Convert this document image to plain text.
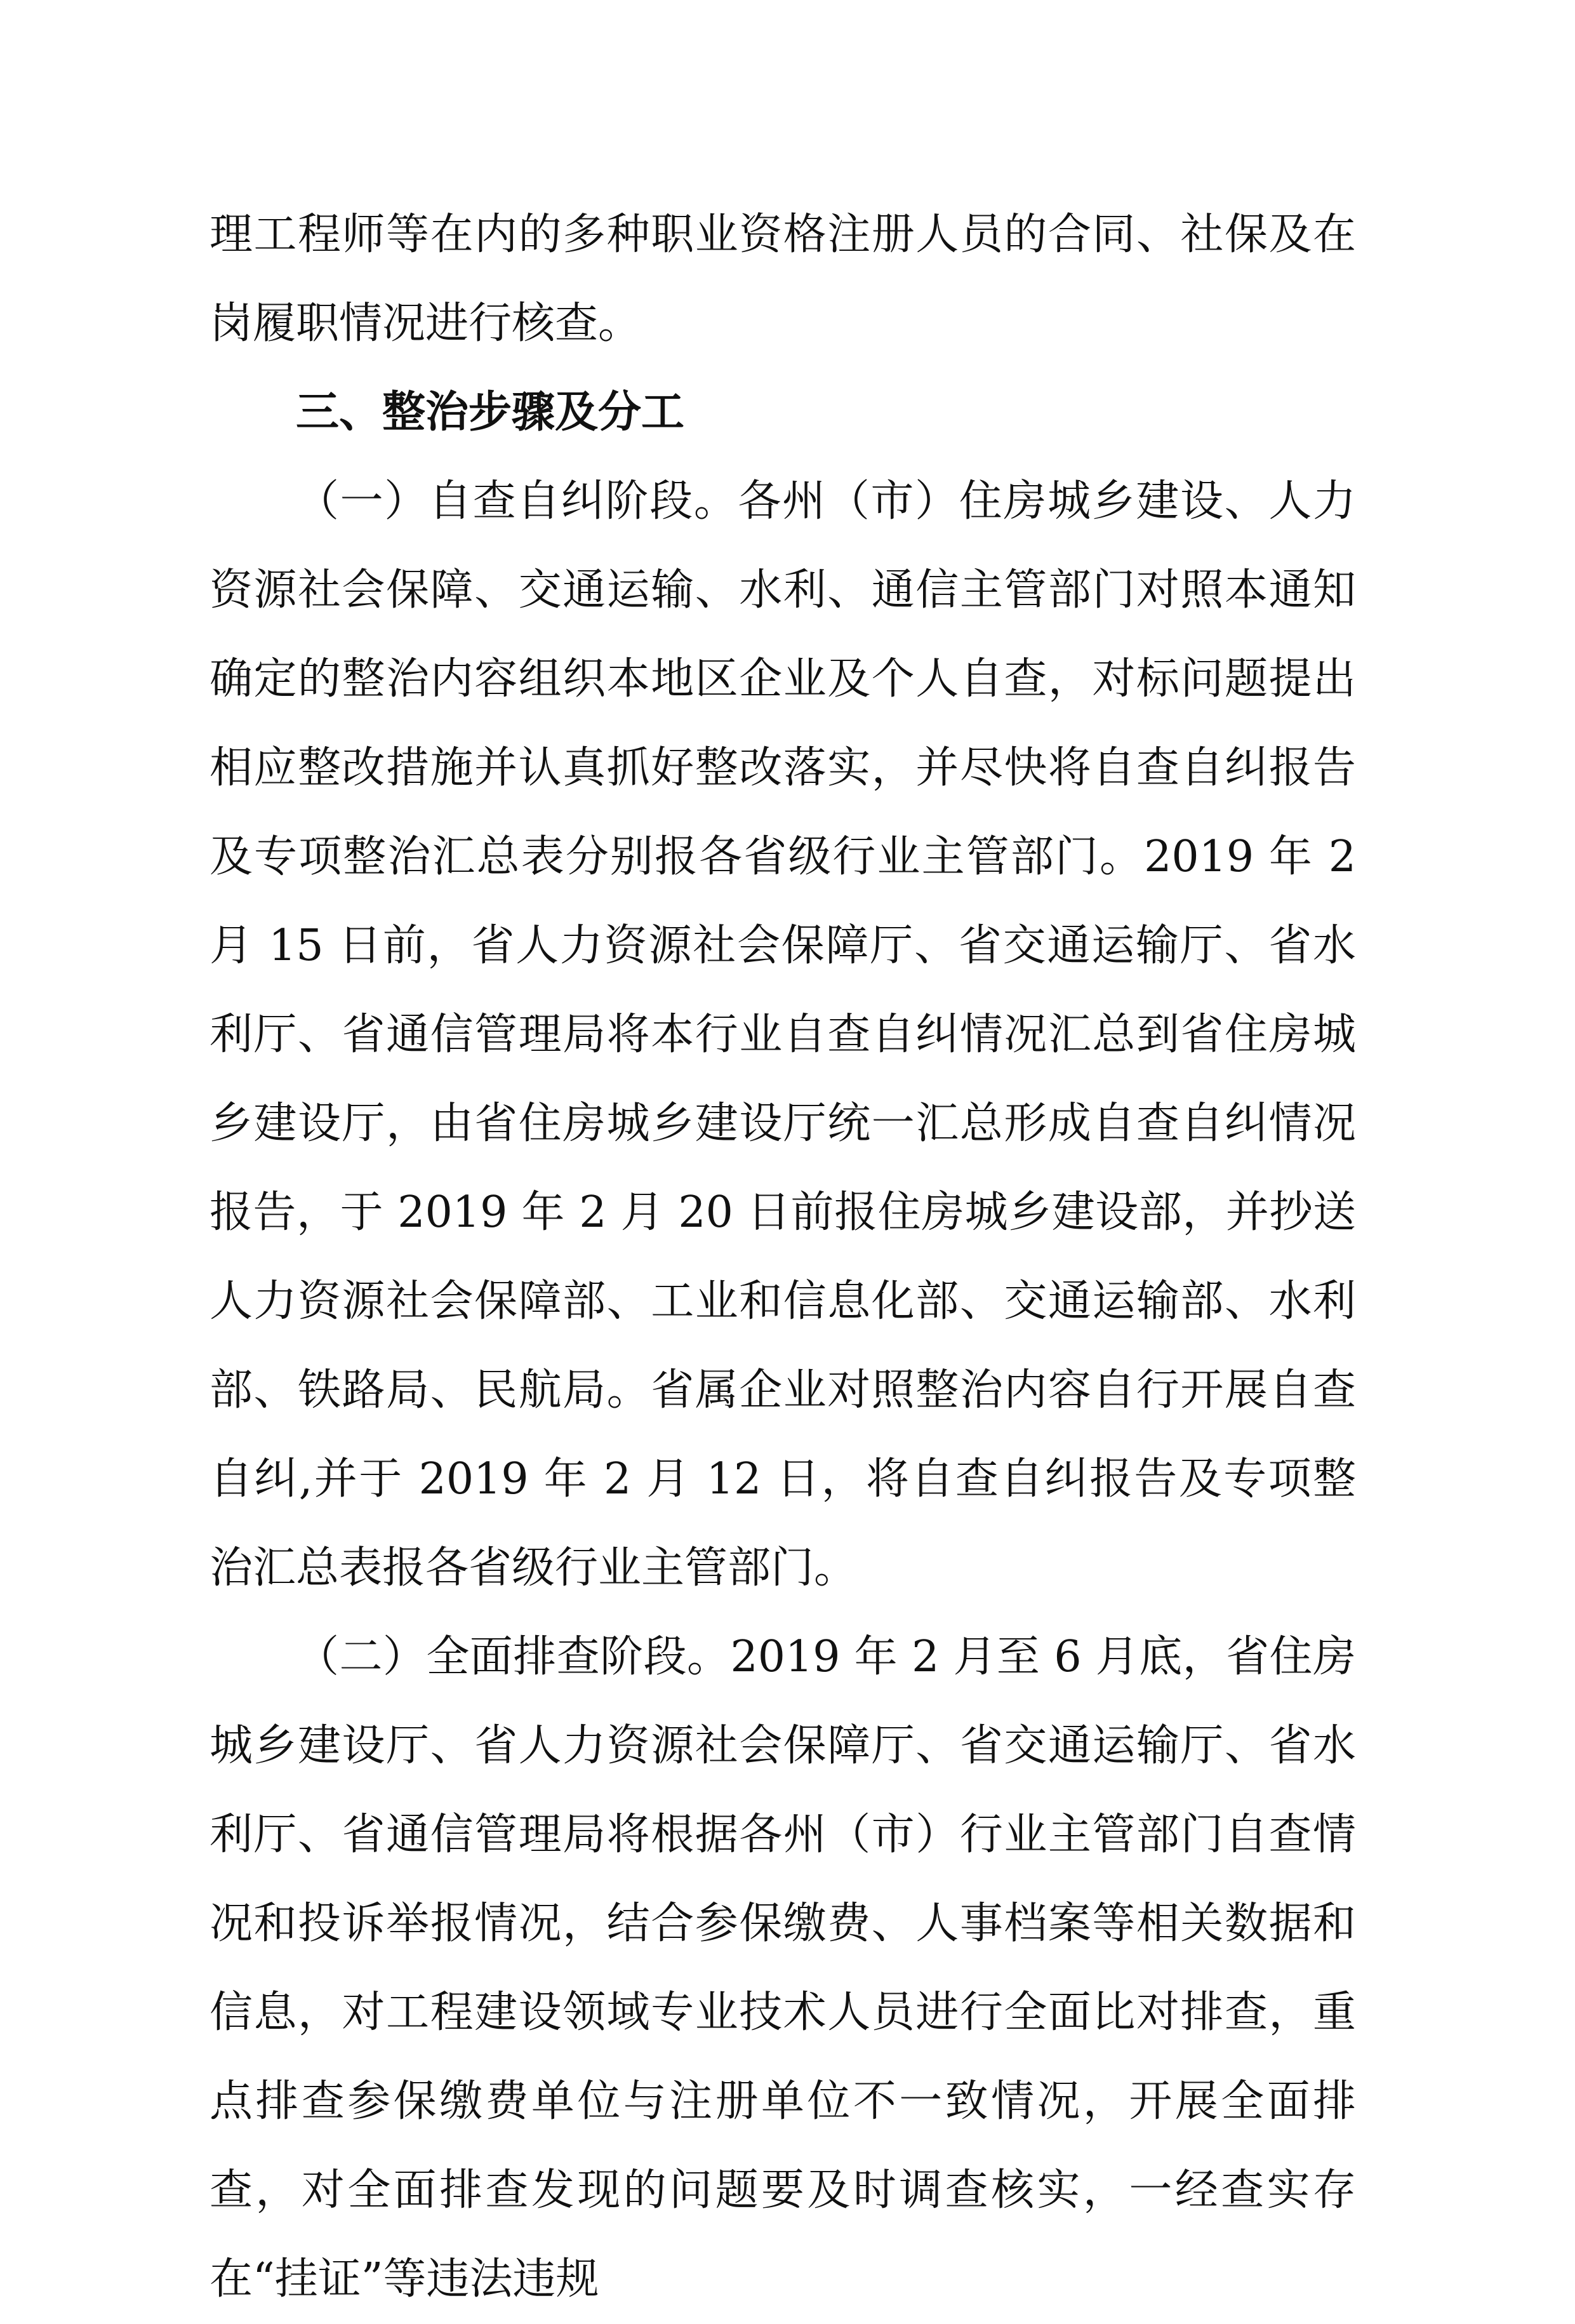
理工程师等在内的多种职业资格注册人员的合同、社保及在岗履职情况进行核查。

三、整治步骤及分工

（一）自查自纠阶段。各州（市）住房城乡建设、人力资源社会保障、交通运输、水利、通信主管部门对照本通知确定的整治内容组织本地区企业及个人自查，对标问题提出相应整改措施并认真抓好整改落实，并尽快将自查自纠报告及专项整治汇总表分别报各省级行业主管部门。2019 年 2 月 15 日前，省人力资源社会保障厅、省交通运输厅、省水利厅、省通信管理局将本行业自查自纠情况汇总到省住房城乡建设厅，由省住房城乡建设厅统一汇总形成自查自纠情况报告，于 2019 年 2 月 20 日前报住房城乡建设部，并抄送人力资源社会保障部、工业和信息化部、交通运输部、水利部、铁路局、民航局。省属企业对照整治内容自行开展自查自纠,并于 2019 年 2 月 12 日，将自查自纠报告及专项整治汇总表报各省级行业主管部门。

（二）全面排查阶段。2019 年 2 月至 6 月底，省住房城乡建设厅、省人力资源社会保障厅、省交通运输厅、省水利厅、省通信管理局将根据各州（市）行业主管部门自查情况和投诉举报情况，结合参保缴费、人事档案等相关数据和信息，对工程建设领域专业技术人员进行全面比对排查，重点排查参保缴费单位与注册单位不一致情况，开展全面排查，对全面排查发现的问题要及时调查核实，一经查实存在“挂证”等违法违规
